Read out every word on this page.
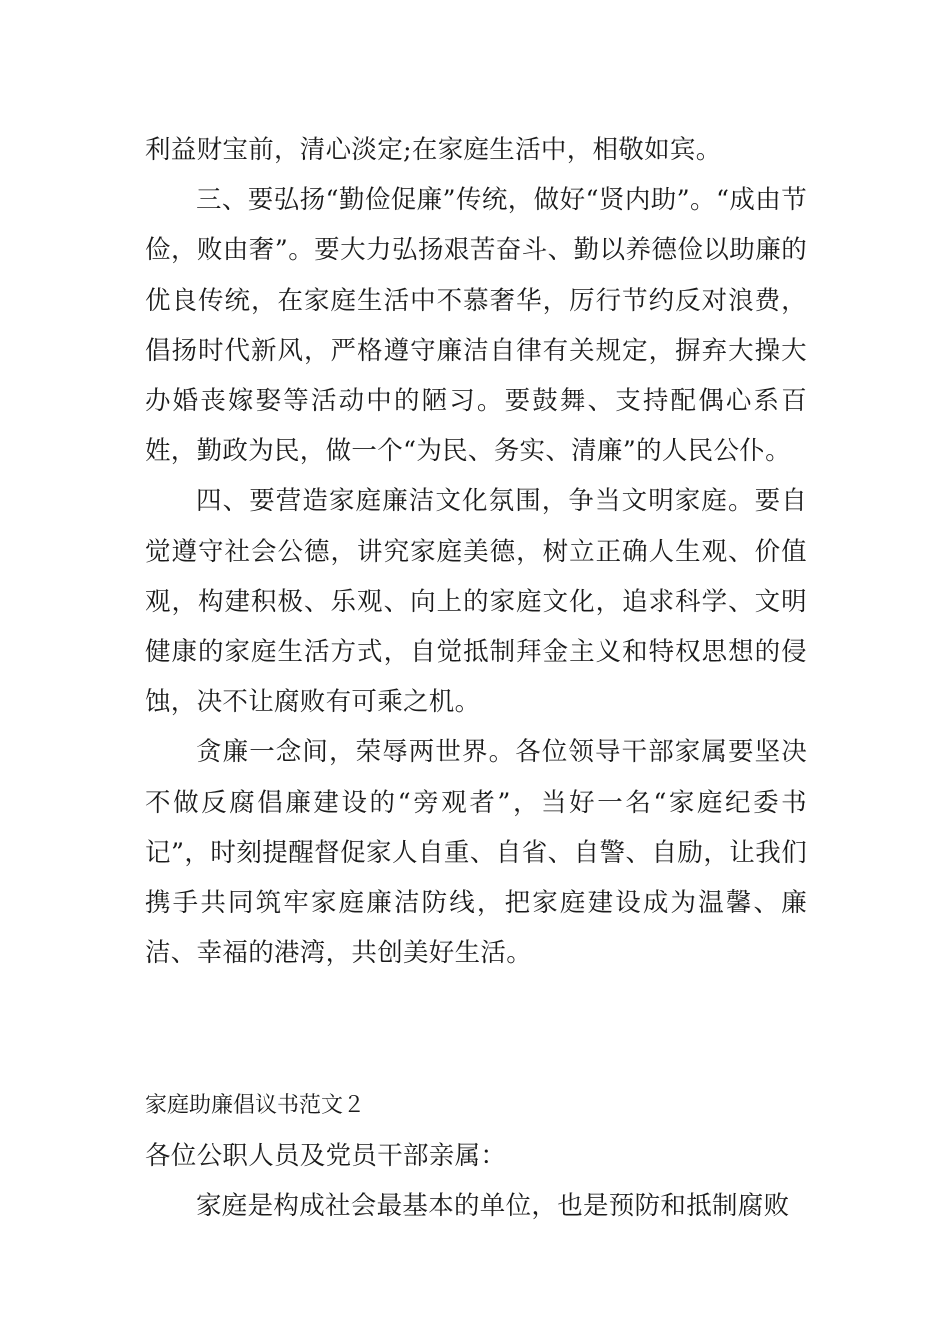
利益财宝前，清心淡定;在家庭生活中，相敬如宾。

三、要弘扬“勤俭促廉”传统，做好“贤内助”。“成由节俭，败由奢”。要大力弘扬艰苦奋斗、勤以养德俭以助廉的优良传统，在家庭生活中不慕奢华，厉行节约反对浪费，倡扬时代新风，严格遵守廉洁自律有关规定，摒弃大操大办婚丧嫁娶等活动中的陋习。要鼓舞、支持配偶心系百姓，勤政为民，做一个“为民、务实、清廉”的人民公仆。

四、要营造家庭廉洁文化氛围，争当文明家庭。要自觉遵守社会公德，讲究家庭美德，树立正确人生观、价值观，构建积极、乐观、向上的家庭文化，追求科学、文明健康的家庭生活方式，自觉抵制拜金主义和特权思想的侵蚀，决不让腐败有可乘之机。

贪廉一念间，荣辱两世界。各位领导干部家属要坚决不做反腐倡廉建设的“旁观者”，当好一名“家庭纪委书记”，时刻提醒督促家人自重、自省、自警、自励，让我们携手共同筑牢家庭廉洁防线，把家庭建设成为温馨、廉洁、幸福的港湾，共创美好生活。

家庭助廉倡议书范文２

各位公职人员及党员干部亲属：

家庭是构成社会最基本的单位，也是预防和抵制腐败
